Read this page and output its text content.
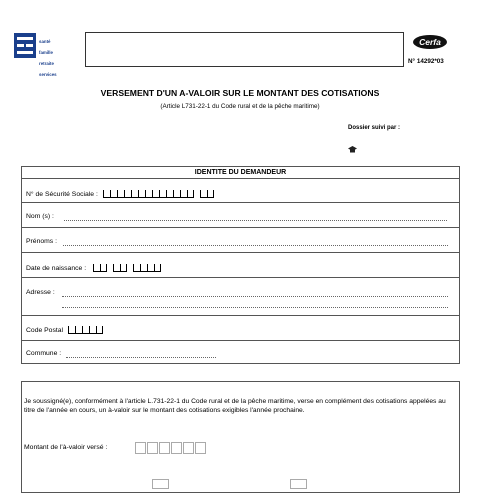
santé

famille

retraite

services

Cerfa
N° 14292*03
VERSEMENT D'UN A-VALOIR SUR LE MONTANT DES COTISATIONS
(Article L731-22-1 du Code rural et de la pêche maritime)
Dossier suivi par :
IDENTITE DU DEMANDEUR
N° de Sécurité Sociale :
Nom (s) :
Prénoms :
Date de naissance :
Adresse :
Code Postal
Commune :
Je soussigné(e), conformément à l'article L.731-22-1 du Code rural et de la pêche maritime, verse en complément des cotisations appelées au titre de l'année en cours, un à-valoir sur le montant des cotisations exigibles l'année prochaine.
Montant de l'à-valoir versé :
